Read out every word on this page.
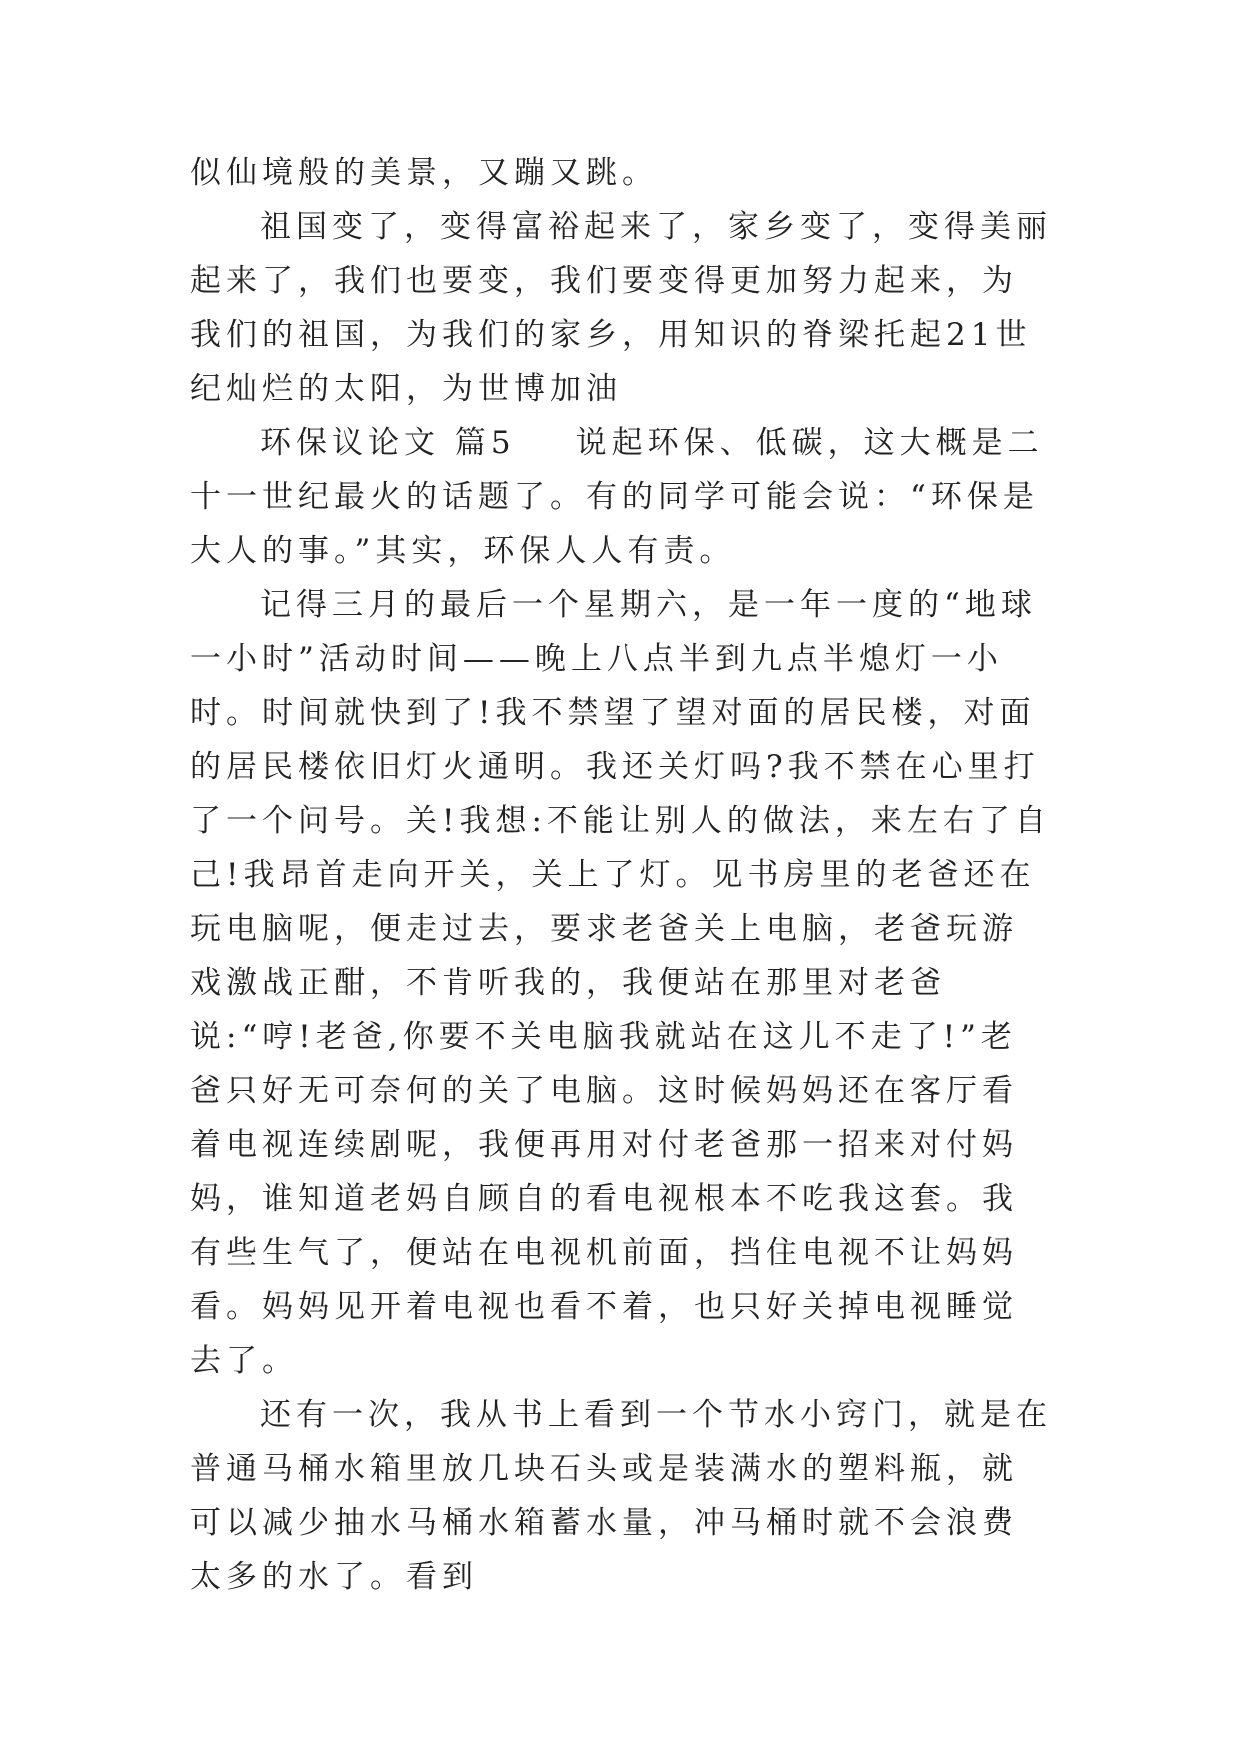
似仙境般的美景，又蹦又跳。

祖国变了，变得富裕起来了，家乡变了，变得美丽起来了，我们也要变，我们要变得更加努力起来，为我们的祖国，为我们的家乡，用知识的脊梁托起21世纪灿烂的太阳，为世博加油

环保议论文 篇5 说起环保、低碳，这大概是二十一世纪最火的话题了。有的同学可能会说：“环保是大人的事。”其实，环保人人有责。

记得三月的最后一个星期六，是一年一度的“地球一小时”活动时间——晚上八点半到九点半熄灯一小时。时间就快到了!我不禁望了望对面的居民楼，对面的居民楼依旧灯火通明。我还关灯吗?我不禁在心里打了一个问号。关!我想:不能让别人的做法，来左右了自己!我昂首走向开关，关上了灯。见书房里的老爸还在玩电脑呢，便走过去，要求老爸关上电脑，老爸玩游戏激战正酣，不肯听我的，我便站在那里对老爸说:“哼!老爸,你要不关电脑我就站在这儿不走了!”老爸只好无可奈何的关了电脑。这时候妈妈还在客厅看着电视连续剧呢，我便再用对付老爸那一招来对付妈妈，谁知道老妈自顾自的看电视根本不吃我这套。我有些生气了，便站在电视机前面，挡住电视不让妈妈看。妈妈见开着电视也看不着，也只好关掉电视睡觉去了。

还有一次，我从书上看到一个节水小窍门，就是在普通马桶水箱里放几块石头或是装满水的塑料瓶，就可以减少抽水马桶水箱蓄水量，冲马桶时就不会浪费太多的水了。看到
